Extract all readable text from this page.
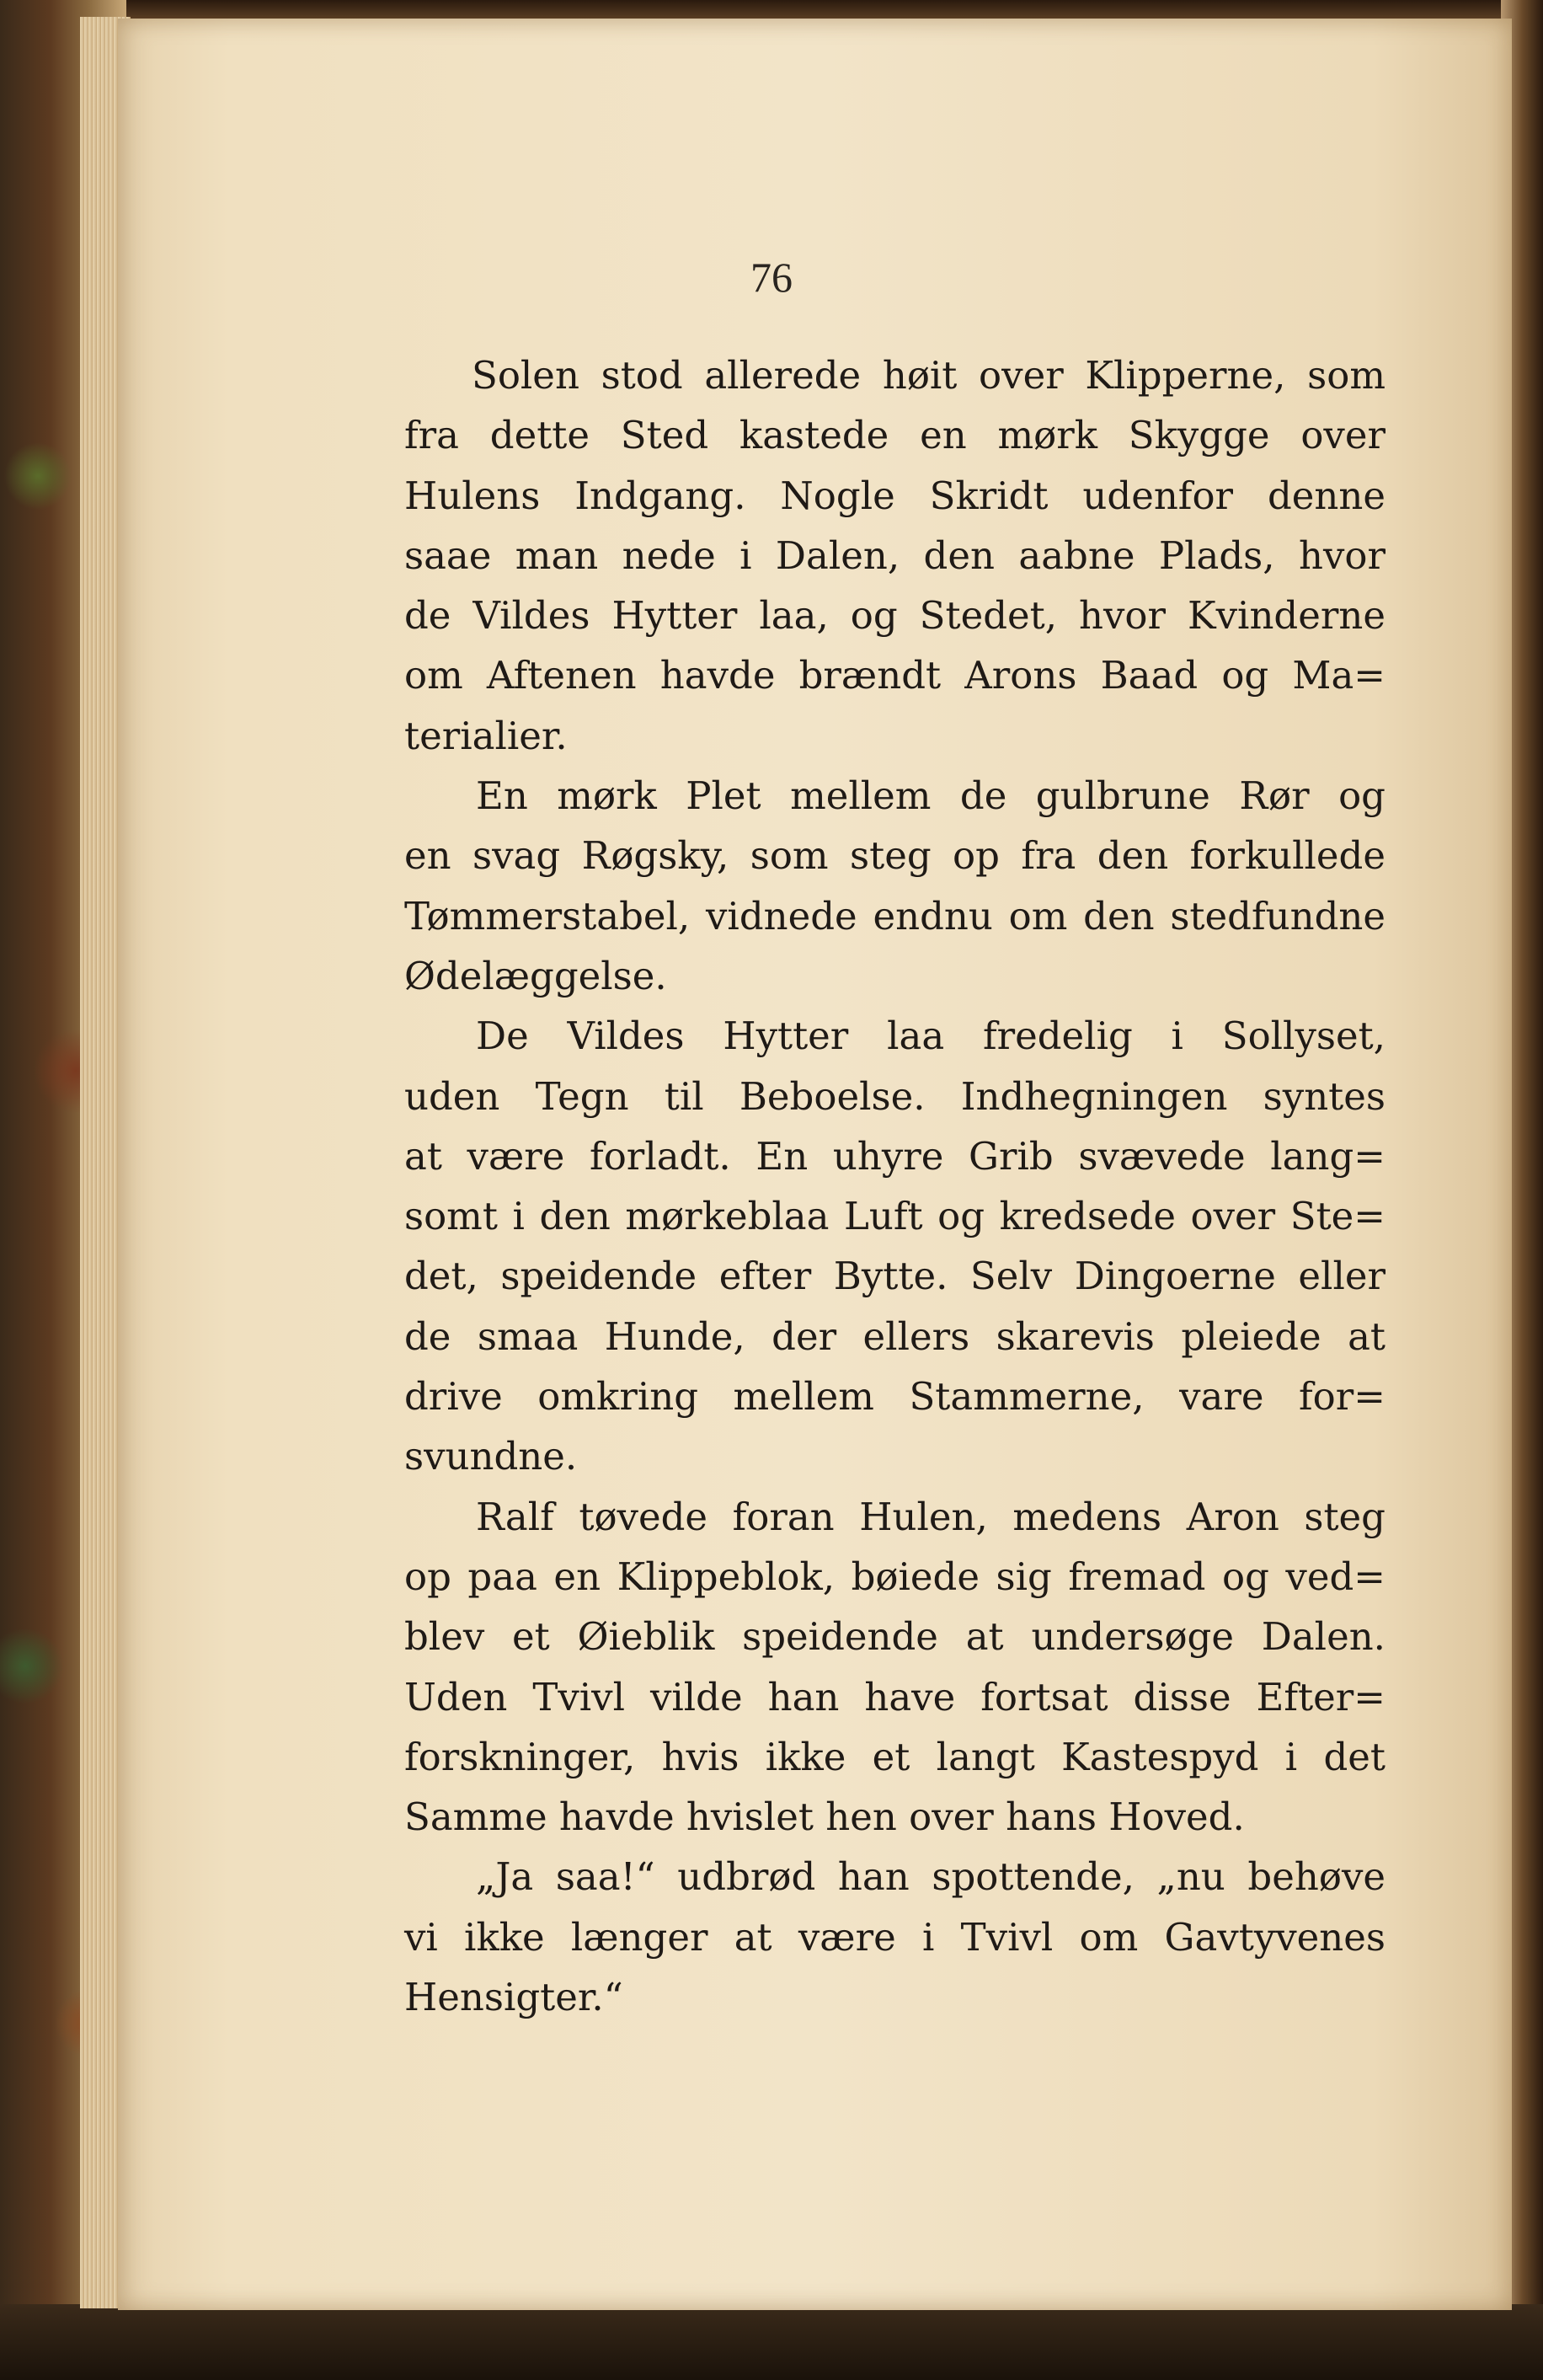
76
Solen stod allerede høit over Klipperne, som
fra dette Sted kastede en mørk Skygge over
Hulens Indgang. Nogle Skridt udenfor denne
saae man nede i Dalen, den aabne Plads, hvor
de Vildes Hytter laa, og Stedet, hvor Kvinderne
om Aftenen havde brændt Arons Baad og Ma=
terialier.
En mørk Plet mellem de gulbrune Rør og
en svag Røgsky, som steg op fra den forkullede
Tømmerstabel, vidnede endnu om den stedfundne
Ødelæggelse.
De Vildes Hytter laa fredelig i Sollyset,
uden Tegn til Beboelse. Indhegningen syntes
at være forladt. En uhyre Grib svævede lang=
somt i den mørkeblaa Luft og kredsede over Ste=
det, speidende efter Bytte. Selv Dingoerne eller
de smaa Hunde, der ellers skarevis pleiede at
drive omkring mellem Stammerne, vare for=
svundne.
Ralf tøvede foran Hulen, medens Aron steg
op paa en Klippeblok, bøiede sig fremad og ved=
blev et Øieblik speidende at undersøge Dalen.
Uden Tvivl vilde han have fortsat disse Efter=
forskninger, hvis ikke et langt Kastespyd i det
Samme havde hvislet hen over hans Hoved.
„Ja saa!“ udbrød han spottende, „nu behøve
vi ikke længer at være i Tvivl om Gavtyvenes
Hensigter.“
